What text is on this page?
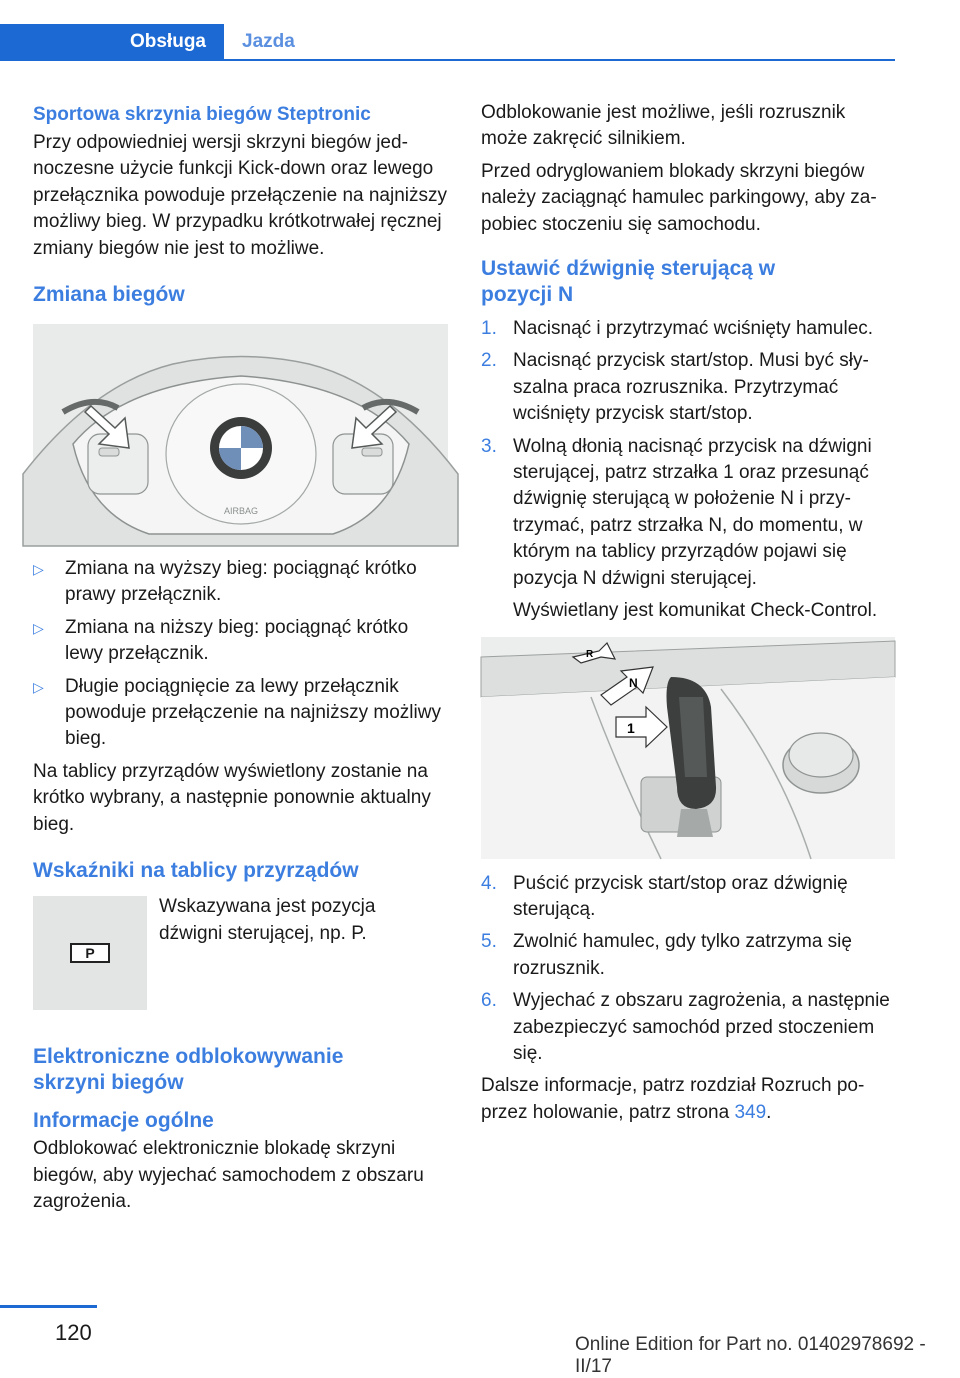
Obsługa	Jazda
Sportowa skrzynia biegów Steptronic
Przy odpowiedniej wersji skrzyni biegów jednoczesne użycie funkcji Kick-down oraz lewego przełącznika powoduje przełączenie na najniższy możliwy bieg. W przypadku krótkotrwałej ręcznej zmiany biegów nie jest to możliwe.
Zmiana biegów
AIRBAG
▷ Zmiana na wyższy bieg: pociągnąć krótko prawy przełącznik.
▷ Zmiana na niższy bieg: pociągnąć krótko lewy przełącznik.
▷ Długie pociągnięcie za lewy przełącznik powoduje przełączenie na najniższy możliwy bieg.
Na tablicy przyrządów wyświetlony zostanie na krótko wybrany, a następnie ponownie aktualny bieg.
Wskaźniki na tablicy przyrządów
P
Wskazywana jest pozycja dźwigni sterującej, np. P.
Elektroniczne odblokowywanie skrzyni biegów
Informacje ogólne
Odblokować elektronicznie blokadę skrzyni biegów, aby wyjechać samochodem z obszaru zagrożenia.
Odblokowanie jest możliwe, jeśli rozrusznik może zakręcić silnikiem.
Przed odryglowaniem blokady skrzyni biegów należy zaciągnąć hamulec parkingowy, aby zapobiec stoczeniu się samochodu.
Ustawić dźwignię sterującą w pozycji N
1. Nacisnąć i przytrzymać wciśnięty hamulec.
2. Nacisnąć przycisk start/stop. Musi być słyszalna praca rozrusznika. Przytrzymać wciśnięty przycisk start/stop.
3. Wolną dłonią nacisnąć przycisk na dźwigni sterującej, patrz strzałka 1 oraz przesunąć dźwignię sterującą w położenie N i przytrzymać, patrz strzałka N, do momentu, w którym na tablicy przyrządów pojawi się pozycja N dźwigni sterującej.
Wyświetlany jest komunikat Check-Control.
R
N
1
4. Puścić przycisk start/stop oraz dźwignię sterującą.
5. Zwolnić hamulec, gdy tylko zatrzyma się rozrusznik.
6. Wyjechać z obszaru zagrożenia, a następnie zabezpieczyć samochód przed stoczeniem się.
Dalsze informacje, patrz rozdział Rozruch poprzez holowanie, patrz strona 349.
120	Online Edition for Part no. 01402978692 - II/17
